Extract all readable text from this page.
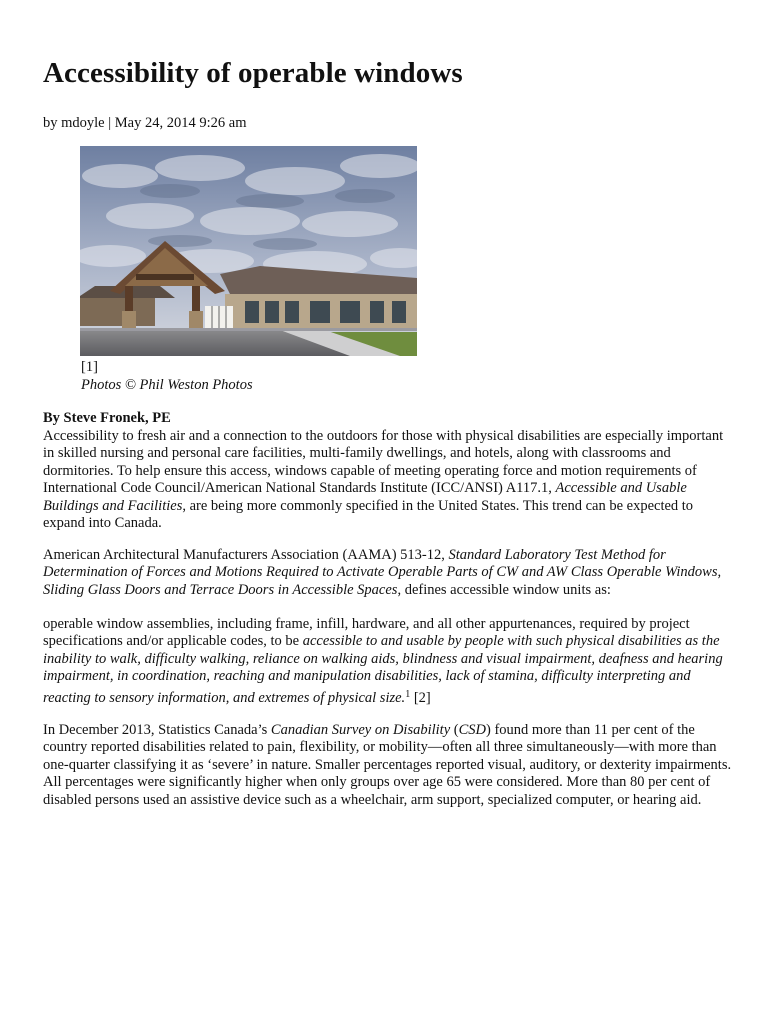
Accessibility of operable windows
by mdoyle | May 24, 2014 9:26 am
[1]
Photos © Phil Weston Photos
By Steve Fronek, PE
Accessibility to fresh air and a connection to the outdoors for those with physical disabilities are especially important in skilled nursing and personal care facilities, multi-family dwellings, and hotels, along with classrooms and dormitories. To help ensure this access, windows capable of meeting operating force and motion requirements of International Code Council/American National Standards Institute (ICC/ANSI) A117.1, Accessible and Usable Buildings and Facilities, are being more commonly specified in the United States. This trend can be expected to expand into Canada.
American Architectural Manufacturers Association (AAMA) 513-12, Standard Laboratory Test Method for Determination of Forces and Motions Required to Activate Operable Parts of CW and AW Class Operable Windows, Sliding Glass Doors and Terrace Doors in Accessible Spaces, defines accessible window units as:
operable window assemblies, including frame, infill, hardware, and all other appurtenances, required by project specifications and/or applicable codes, to be accessible to and usable by people with such physical disabilities as the inability to walk, difficulty walking, reliance on walking aids, blindness and visual impairment, deafness and hearing impairment, in coordination, reaching and manipulation disabilities, lack of stamina, difficulty interpreting and reacting to sensory information, and extremes of physical size.$^1$ [2]
In December 2013, Statistics Canada’s Canadian Survey on Disability (CSD) found more than 11 per cent of the country reported disabilities related to pain, flexibility, or mobility—often all three simultaneously—with more than one-quarter classifying it as ‘severe’ in nature. Smaller percentages reported visual, auditory, or dexterity impairments. All percentages were significantly higher when only groups over age 65 were considered. More than 80 per cent of disabled persons used an assistive device such as a wheelchair, arm support, specialized computer, or hearing aid.
